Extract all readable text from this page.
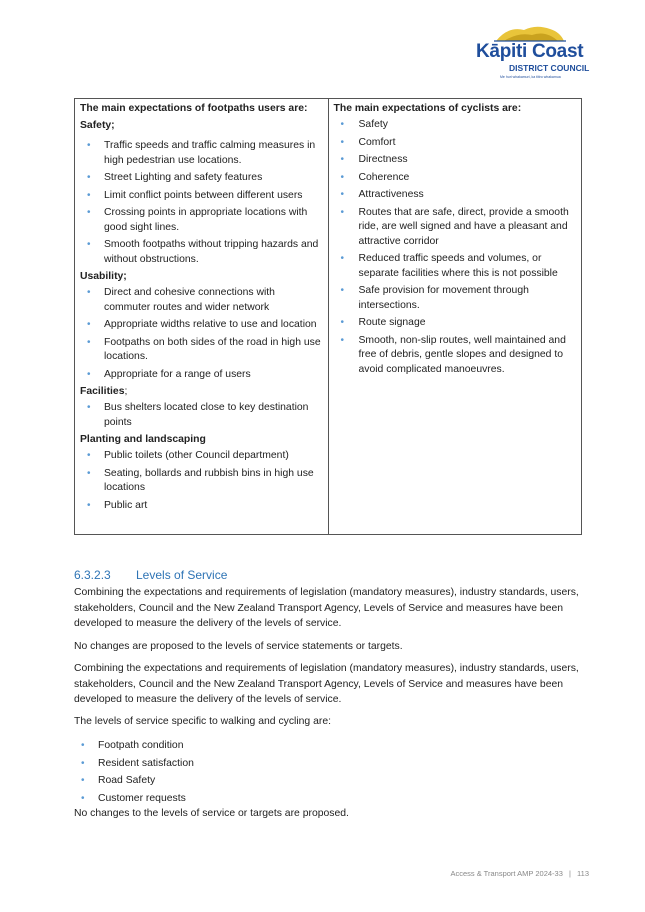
Kāpiti Coast
DISTRICT COUNCIL
Me huri whakamuri, ka titiro whakamua
The main expectations of footpaths users are:
Safety;
• Traffic speeds and traffic calming measures in high pedestrian use locations.
• Street Lighting and safety features
• Limit conflict points between different users
• Crossing points in appropriate locations with good sight lines.
• Smooth footpaths without tripping hazards and without obstructions.
Usability;
• Direct and cohesive connections with commuter routes and wider network
• Appropriate widths relative to use and location
• Footpaths on both sides of the road in high use locations.
• Appropriate for a range of users
Facilities;
• Bus shelters located close to key destination points
Planting and landscaping
• Public toilets (other Council department)
• Seating, bollards and rubbish bins in high use locations
• Public art

The main expectations of cyclists are:
• Safety
• Comfort
• Directness
• Coherence
• Attractiveness
• Routes that are safe, direct, provide a smooth ride, are well signed and have a pleasant and attractive corridor
• Reduced traffic speeds and volumes, or separate facilities where this is not possible
• Safe provision for movement through intersections.
• Route signage
• Smooth, non-slip routes, well maintained and free of debris, gentle slopes and designed to avoid complicated manoeuvres.
6.3.2.3 Levels of Service

Combining the expectations and requirements of legislation (mandatory measures), industry standards, users, stakeholders, Council and the New Zealand Transport Agency, Levels of Service and measures have been developed to measure the delivery of the levels of service.

No changes are proposed to the levels of service statements or targets.

Combining the expectations and requirements of legislation (mandatory measures), industry standards, users, stakeholders, Council and the New Zealand Transport Agency, Levels of Service and measures have been developed to measure the delivery of the levels of service.

The levels of service specific to walking and cycling are:

• Footpath condition
• Resident satisfaction
• Road Safety
• Customer requests

No changes to the levels of service or targets are proposed.

Access & Transport AMP 2024-33 | 113
